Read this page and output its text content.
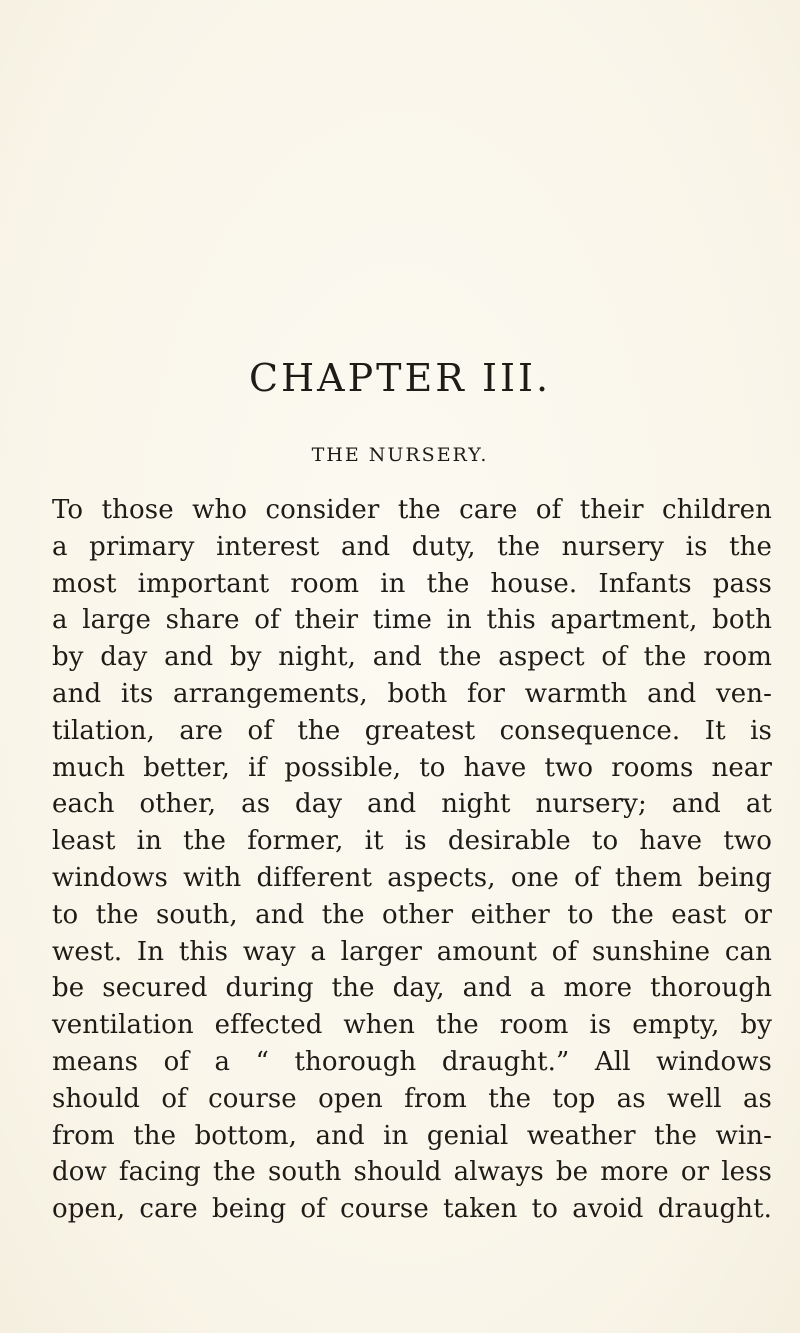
CHAPTER III.
THE NURSERY.
To those who consider the care of their children
a primary interest and duty, the nursery is the
most important room in the house. Infants pass
a large share of their time in this apartment, both
by day and by night, and the aspect of the room
and its arrangements, both for warmth and ven-
tilation, are of the greatest consequence. It is
much better, if possible, to have two rooms near
each other, as day and night nursery; and at
least in the former, it is desirable to have two
windows with different aspects, one of them being
to the south, and the other either to the east or
west. In this way a larger amount of sunshine can
be secured during the day, and a more thorough
ventilation effected when the room is empty, by
means of a “ thorough draught.” All windows
should of course open from the top as well as
from the bottom, and in genial weather the win-
dow facing the south should always be more or less
open, care being of course taken to avoid draught.
